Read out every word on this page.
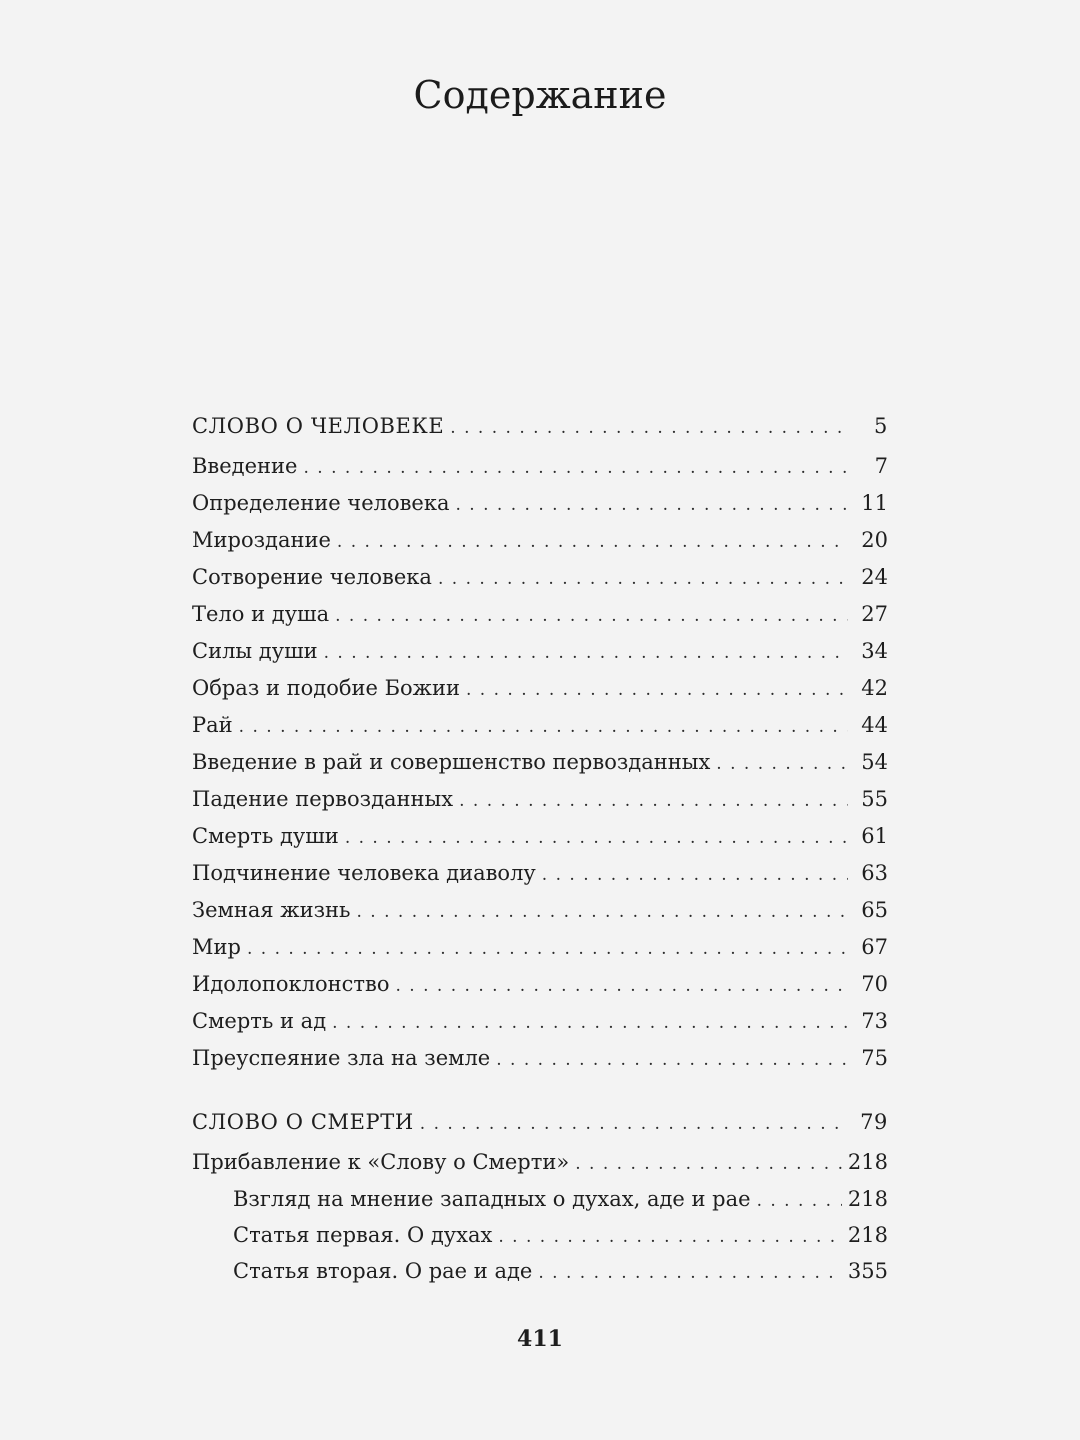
Содержание
СЛОВО О ЧЕЛОВЕКЕ . . .	5
Введение . . .	7
Определение человека . . .	11
Мироздание . . .	20
Сотворение человека . . .	24
Тело и душа . . .	27
Силы души . . .	34
Образ и подобие Божии . . .	42
Рай . . .	44
Введение в рай и совершенство первозданных . . .	54
Падение первозданных . . .	55
Смерть души . . .	61
Подчинение человека диаволу . . .	63
Земная жизнь . . .	65
Мир . . .	67
Идолопоклонство . . .	70
Смерть и ад . . .	73
Преуспеяние зла на земле . . .	75
СЛОВО О СМЕРТИ . . .	79
Прибавление к «Слову о Смерти» . . .	218
Взгляд на мнение западных о духах, аде и рае . . .	218
Статья первая. О духах . . .	218
Статья вторая. О рае и аде . . .	355
411
